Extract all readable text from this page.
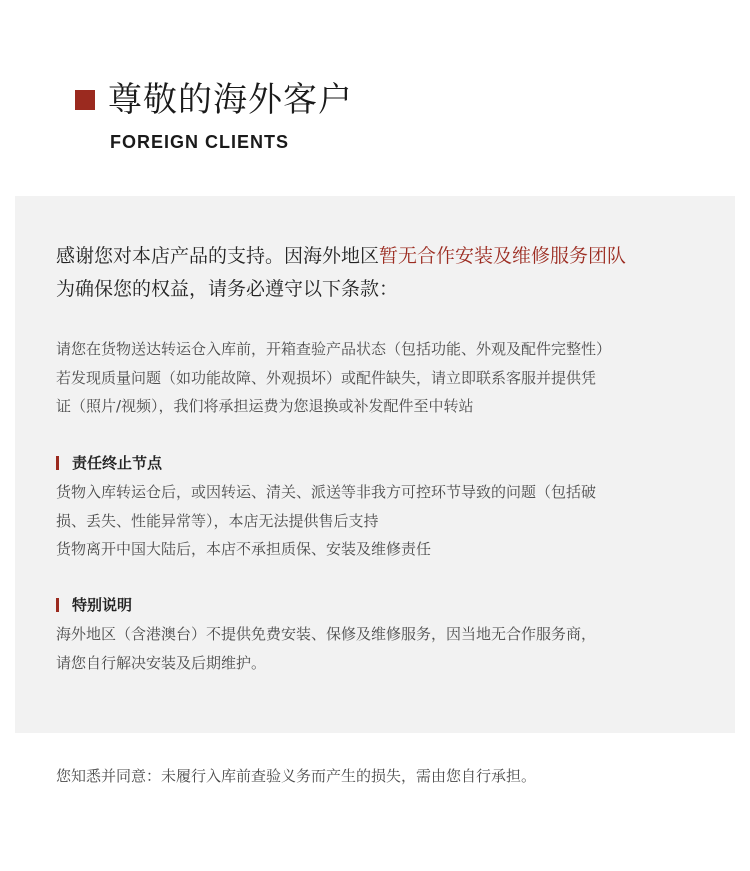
尊敬的海外客户
FOREIGN CLIENTS
感谢您对本店产品的支持。因海外地区暂无合作安装及维修服务团队
为确保您的权益，请务必遵守以下条款：
请您在货物送达转运仓入库前，开箱查验产品状态（包括功能、外观及配件完整性）
若发现质量问题（如功能故障、外观损坏）或配件缺失，请立即联系客服并提供凭
证（照片/视频），我们将承担运费为您退换或补发配件至中转站
责任终止节点
货物入库转运仓后，或因转运、清关、派送等非我方可控环节导致的问题（包括破
损、丢失、性能异常等），本店无法提供售后支持
货物离开中国大陆后，本店不承担质保、安装及维修责任
特别说明
海外地区（含港澳台）不提供免费安装、保修及维修服务，因当地无合作服务商，
请您自行解决安装及后期维护。
您知悉并同意：未履行入库前查验义务而产生的损失，需由您自行承担。
